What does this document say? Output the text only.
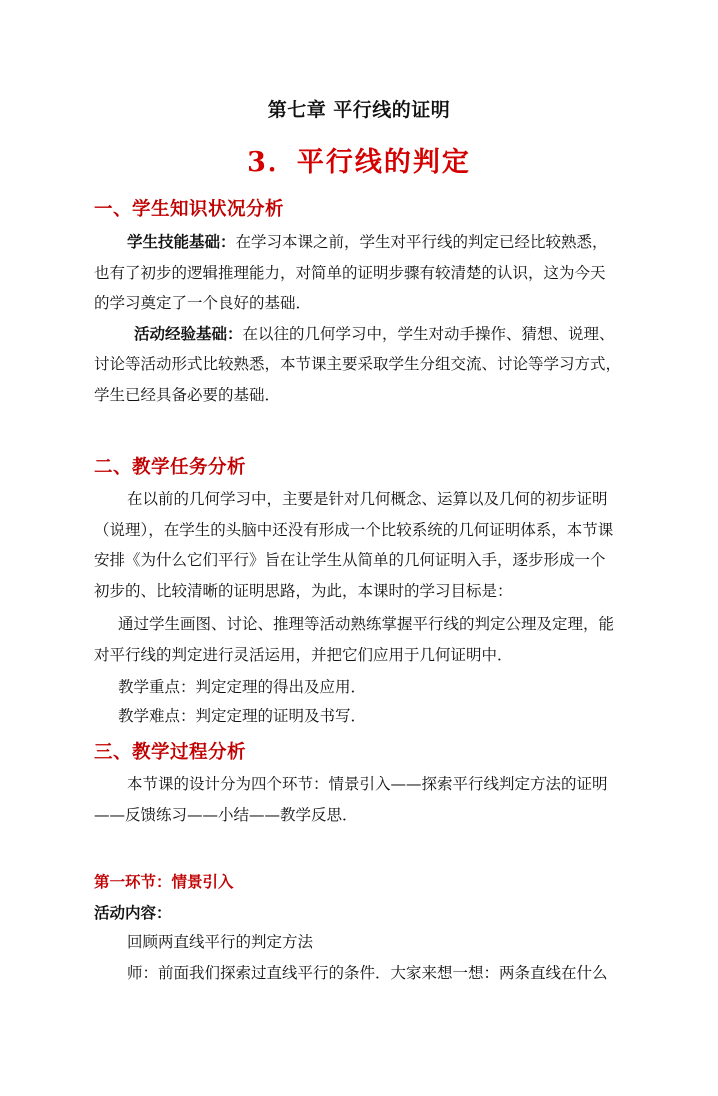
第七章 平行线的证明
3．平行线的判定
一、学生知识状况分析
学生技能基础：在学习本课之前，学生对平行线的判定已经比较熟悉，
也有了初步的逻辑推理能力，对简单的证明步骤有较清楚的认识，这为今天
的学习奠定了一个良好的基础．
活动经验基础：在以往的几何学习中，学生对动手操作、猜想、说理、
讨论等活动形式比较熟悉，本节课主要采取学生分组交流、讨论等学习方式，
学生已经具备必要的基础．
二、教学任务分析
在以前的几何学习中，主要是针对几何概念、运算以及几何的初步证明
（说理），在学生的头脑中还没有形成一个比较系统的几何证明体系，本节课
安排《为什么它们平行》旨在让学生从简单的几何证明入手，逐步形成一个
初步的、比较清晰的证明思路，为此，本课时的学习目标是：
通过学生画图、讨论、推理等活动熟练掌握平行线的判定公理及定理，能
对平行线的判定进行灵活运用，并把它们应用于几何证明中．
教学重点：判定定理的得出及应用．
教学难点：判定定理的证明及书写．
三、教学过程分析
本节课的设计分为四个环节：情景引入——探索平行线判定方法的证明
——反馈练习——小结——教学反思．
第一环节：情景引入
活动内容：
回顾两直线平行的判定方法
师：前面我们探索过直线平行的条件．大家来想一想：两条直线在什么
